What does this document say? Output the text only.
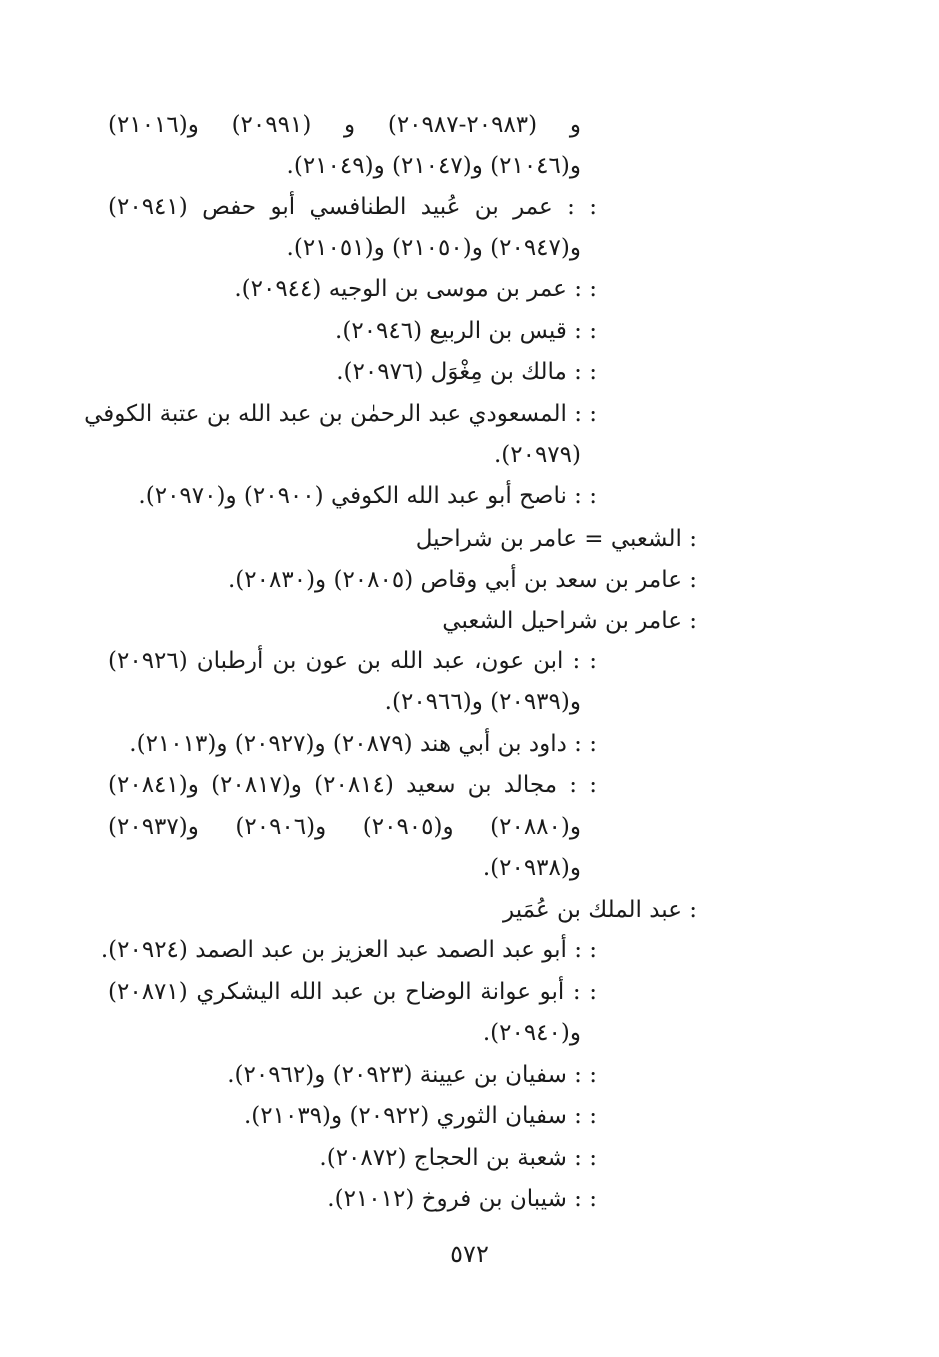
و (٢٠٩٨٣-٢٠٩٨٧) و (٢٠٩٩١) و(٢١٠١٦)
و(٢١٠٤٦) و(٢١٠٤٧) و(٢١٠٤٩).
: : عمر بن عُبيد الطنافسي أبو حفص (٢٠٩٤١)
و(٢٠٩٤٧) و(٢١٠٥٠) و(٢١٠٥١).
: : عمر بن موسى بن الوجيه (٢٠٩٤٤).
: : قيس بن الربيع (٢٠٩٤٦).
: : مالك بن مِغْوَل (٢٠٩٧٦).
: : المسعودي عبد الرحمٰن بن عبد الله بن عتبة الكوفي
(٢٠٩٧٩).
: : ناصح أبو عبد الله الكوفي (٢٠٩٠٠) و(٢٠٩٧٠).
: الشعبي = عامر بن شراحيل
: عامر بن سعد بن أبي وقاص (٢٠٨٠٥) و(٢٠٨٣٠).
: عامر بن شراحيل الشعبي
: : ابن عون، عبد الله بن عون بن أرطبان (٢٠٩٢٦)
و(٢٠٩٣٩) و(٢٠٩٦٦).
: : داود بن أبي هند (٢٠٨٧٩) و(٢٠٩٢٧) و(٢١٠١٣).
: : مجالد بن سعيد (٢٠٨١٤) و(٢٠٨١٧) و(٢٠٨٤١)
و(٢٠٨٨٠) و(٢٠٩٠٥) و(٢٠٩٠٦) و(٢٠٩٣٧)
و(٢٠٩٣٨).
: عبد الملك بن عُمَير
: : أبو عبد الصمد عبد العزيز بن عبد الصمد (٢٠٩٢٤).
: : أبو عوانة الوضاح بن عبد الله اليشكري (٢٠٨٧١)
و(٢٠٩٤٠).
: : سفيان بن عيينة (٢٠٩٢٣) و(٢٠٩٦٢).
: : سفيان الثوري (٢٠٩٢٢) و(٢١٠٣٩).
: : شعبة بن الحجاج (٢٠٨٧٢).
: : شيبان بن فروخ (٢١٠١٢).
٥٧٢
